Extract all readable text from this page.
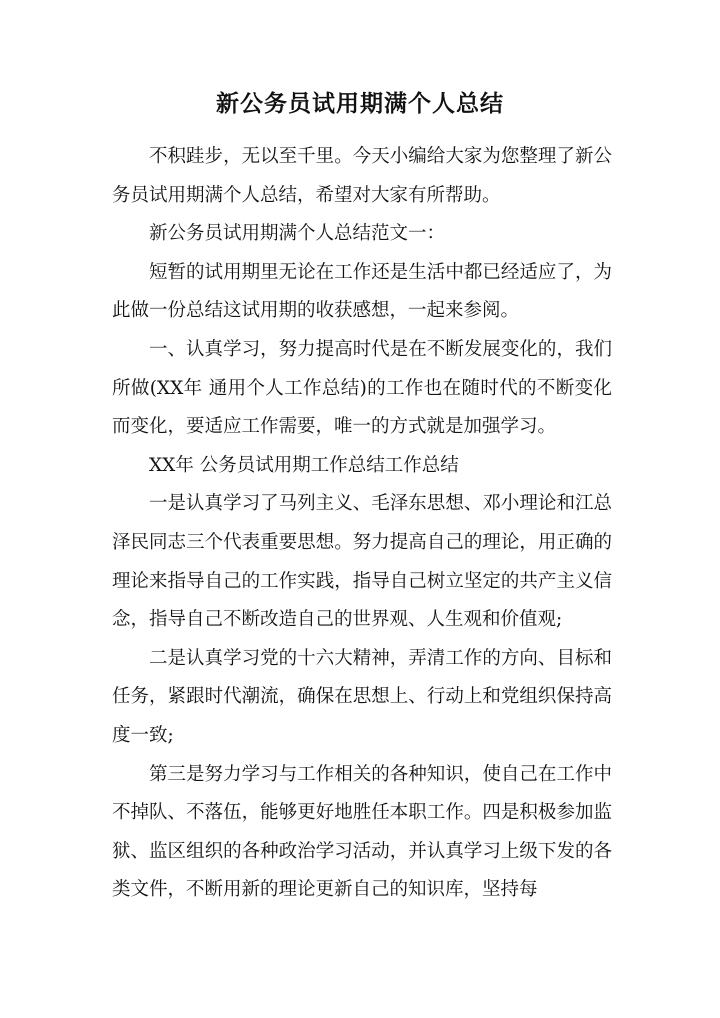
新公务员试用期满个人总结

不积跬步，无以至千里。今天小编给大家为您整理了新公务员试用期满个人总结，希望对大家有所帮助。

新公务员试用期满个人总结范文一：

短暂的试用期里无论在工作还是生活中都已经适应了，为此做一份总结这试用期的收获感想，一起来参阅。

一、认真学习，努力提高时代是在不断发展变化的，我们所做(XX年 通用个人工作总结)的工作也在随时代的不断变化而变化，要适应工作需要，唯一的方式就是加强学习。

XX年 公务员试用期工作总结工作总结

一是认真学习了马列主义、毛泽东思想、邓小理论和江总泽民同志三个代表重要思想。努力提高自己的理论，用正确的理论来指导自己的工作实践，指导自己树立坚定的共产主义信念，指导自己不断改造自己的世界观、人生观和价值观;

二是认真学习党的十六大精神，弄清工作的方向、目标和任务，紧跟时代潮流，确保在思想上、行动上和党组织保持高度一致;

第三是努力学习与工作相关的各种知识，使自己在工作中不掉队、不落伍，能够更好地胜任本职工作。四是积极参加监狱、监区组织的各种政治学习活动，并认真学习上级下发的各类文件，不断用新的理论更新自己的知识库，坚持每
